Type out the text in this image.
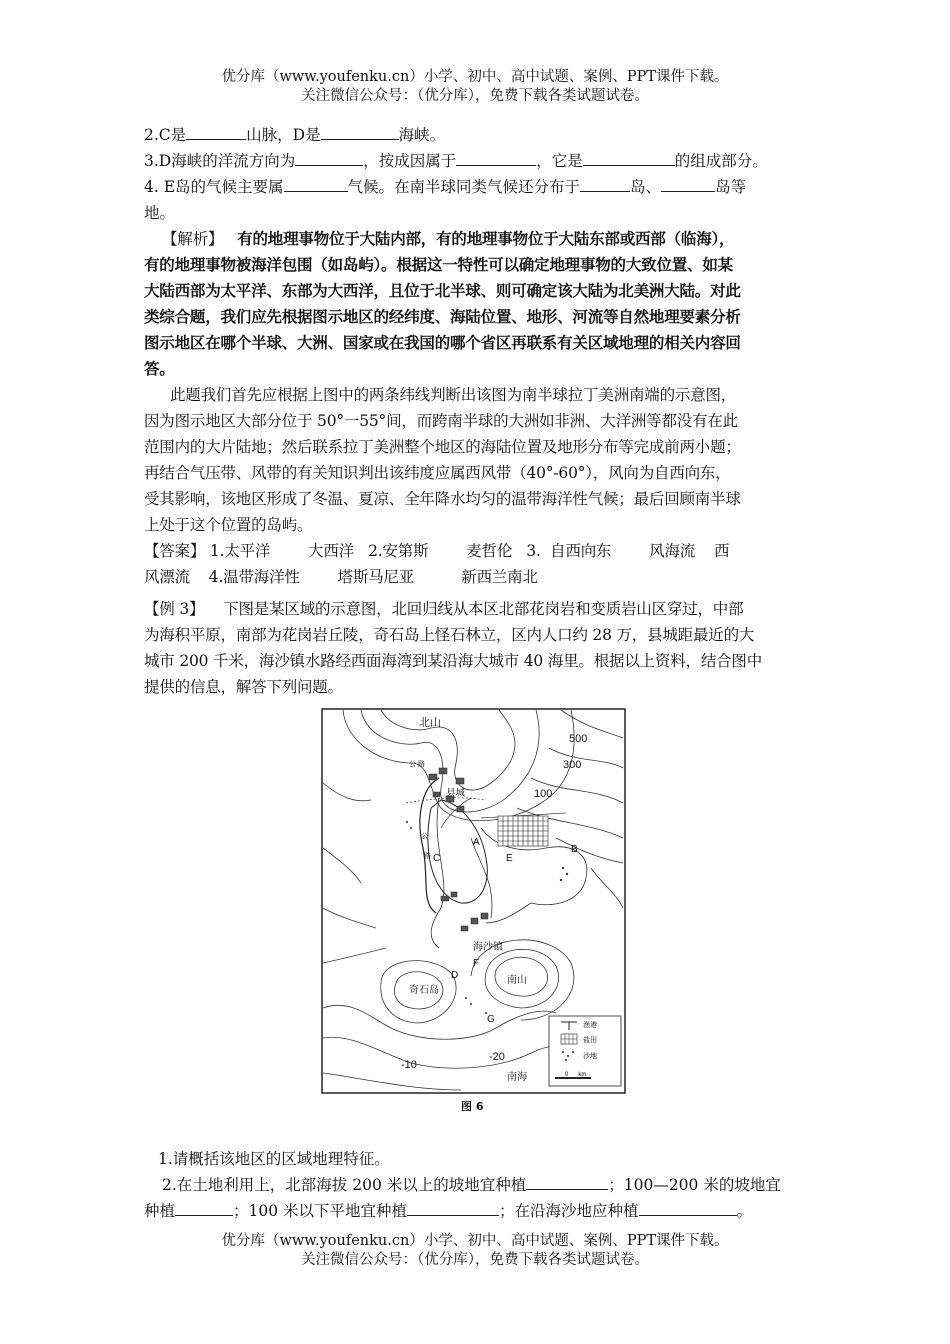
优分库（www.youfenku.cn）小学、初中、高中试题、案例、PPT课件下载。
关注微信公众号：（优分库），免费下载各类试题试卷。

2.C是	山脉，D是	海峡。

3.D海峡的洋流方向为	，按成因属于	，它是	的组成部分。

4. E岛的气候主要属	气候。在南半球同类气候还分布于	岛、	岛等

地。

【解析】 有的地理事物位于大陆内部，有的地理事物位于大陆东部或西部（临海），

有的地理事物被海洋包围（如岛屿）。根据这一特性可以确定地理事物的大致位置、如某

大陆西部为太平洋、东部为大西洋，且位于北半球、则可确定该大陆为北美洲大陆。对此

类综合题，我们应先根据图示地区的经纬度、海陆位置、地形、河流等自然地理要素分析

图示地区在哪个半球、大洲、国家或在我国的哪个省区再联系有关区域地理的相关内容回

答。

此题我们首先应根据上图中的两条纬线判断出该图为南半球拉丁美洲南端的示意图，

因为图示地区大部分位于 50°一55°间，而跨南半球的大洲如非洲、大洋洲等都没有在此

范围内的大片陆地；然后联系拉丁美洲整个地区的海陆位置及地形分布等完成前两小题；

再结合气压带、风带的有关知识判出该纬度应属西风带（40°-60°），风向为自西向东，

受其影响，该地区形成了冬温、夏凉、全年降水均匀的温带海洋性气候；最后回顾南半球

上处于这个位置的岛屿。

【答案】 1.太平洋        大西洋   2.安第斯        麦哲伦   3.  自西向东        风海流    西

风漂流    4.温带海洋性        塔斯马尼亚          新西兰南北

【例 3】    下图是某区域的示意图，北回归线从本区北部花岗岩和变质岩山区穿过，中部

为海积平原，南部为花岗岩丘陵，奇石岛上怪石林立，区内人口约 28 万，县城距最近的大

城市 200 千米，海沙镇水路经西面海湾到某沿海大城市 40 海里。根据以上资料，结合图中

提供的信息，解答下列问题。

北山
500
300
100
公 路
县城
公
路
A
B
C
D
E
F
G
海沙镇
南山
奇石岛
-10
-20
南海
渔港
盐田
沙地
0      km
图 6

1.请概括该地区的区域地理特征。

2.在土地利用上，北部海拔 200 米以上的坡地宜种植	；100—200 米的坡地宜

种植	；100 米以下平地宜种植	；在沿海沙地应种植	。

优分库（www.youfenku.cn）小学、初中、高中试题、案例、PPT课件下载。
关注微信公众号：（优分库），免费下载各类试题试卷。
